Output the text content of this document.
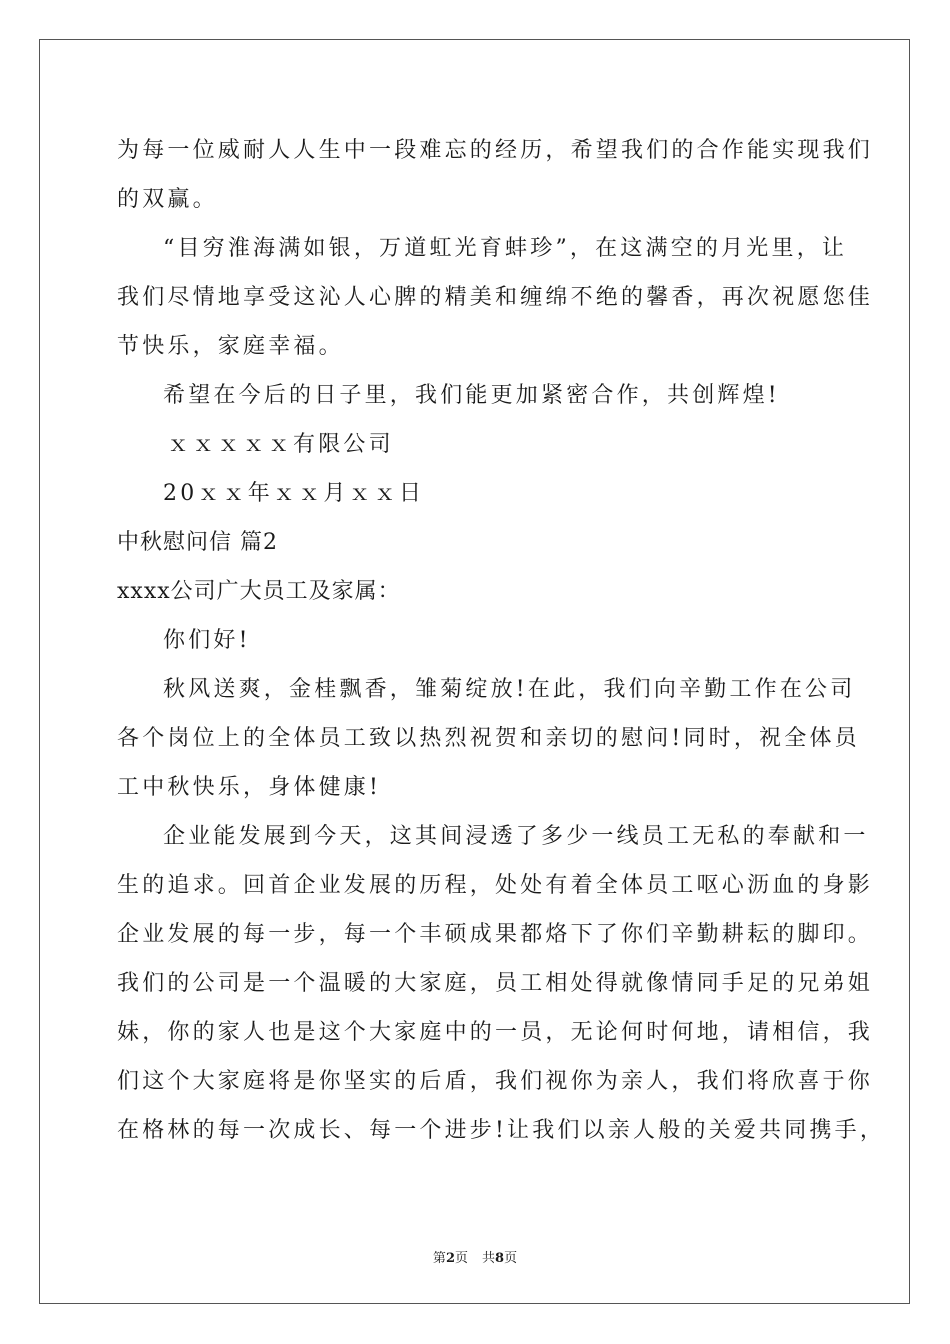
为每一位威耐人人生中一段难忘的经历，希望我们的合作能实现我们
的双赢。
“目穷淮海满如银，万道虹光育蚌珍”，在这满空的月光里，让
我们尽情地享受这沁人心脾的精美和缠绵不绝的馨香，再次祝愿您佳
节快乐，家庭幸福。
希望在今后的日子里，我们能更加紧密合作，共创辉煌!
ｘｘｘｘｘ有限公司
20ｘｘ年ｘｘ月ｘｘ日
中秋慰问信 篇2
xxxx公司广大员工及家属：
你们好!
秋风送爽，金桂飘香，雏菊绽放!在此，我们向辛勤工作在公司
各个岗位上的全体员工致以热烈祝贺和亲切的慰问!同时，祝全体员
工中秋快乐，身体健康!
企业能发展到今天，这其间浸透了多少一线员工无私的奉献和一
生的追求。回首企业发展的历程，处处有着全体员工呕心沥血的身影
企业发展的每一步，每一个丰硕成果都烙下了你们辛勤耕耘的脚印。
我们的公司是一个温暖的大家庭，员工相处得就像情同手足的兄弟姐
妹，你的家人也是这个大家庭中的一员，无论何时何地，请相信，我
们这个大家庭将是你坚实的后盾，我们视你为亲人，我们将欣喜于你
在格林的每一次成长、每一个进步!让我们以亲人般的关爱共同携手，
第2页 共8页
